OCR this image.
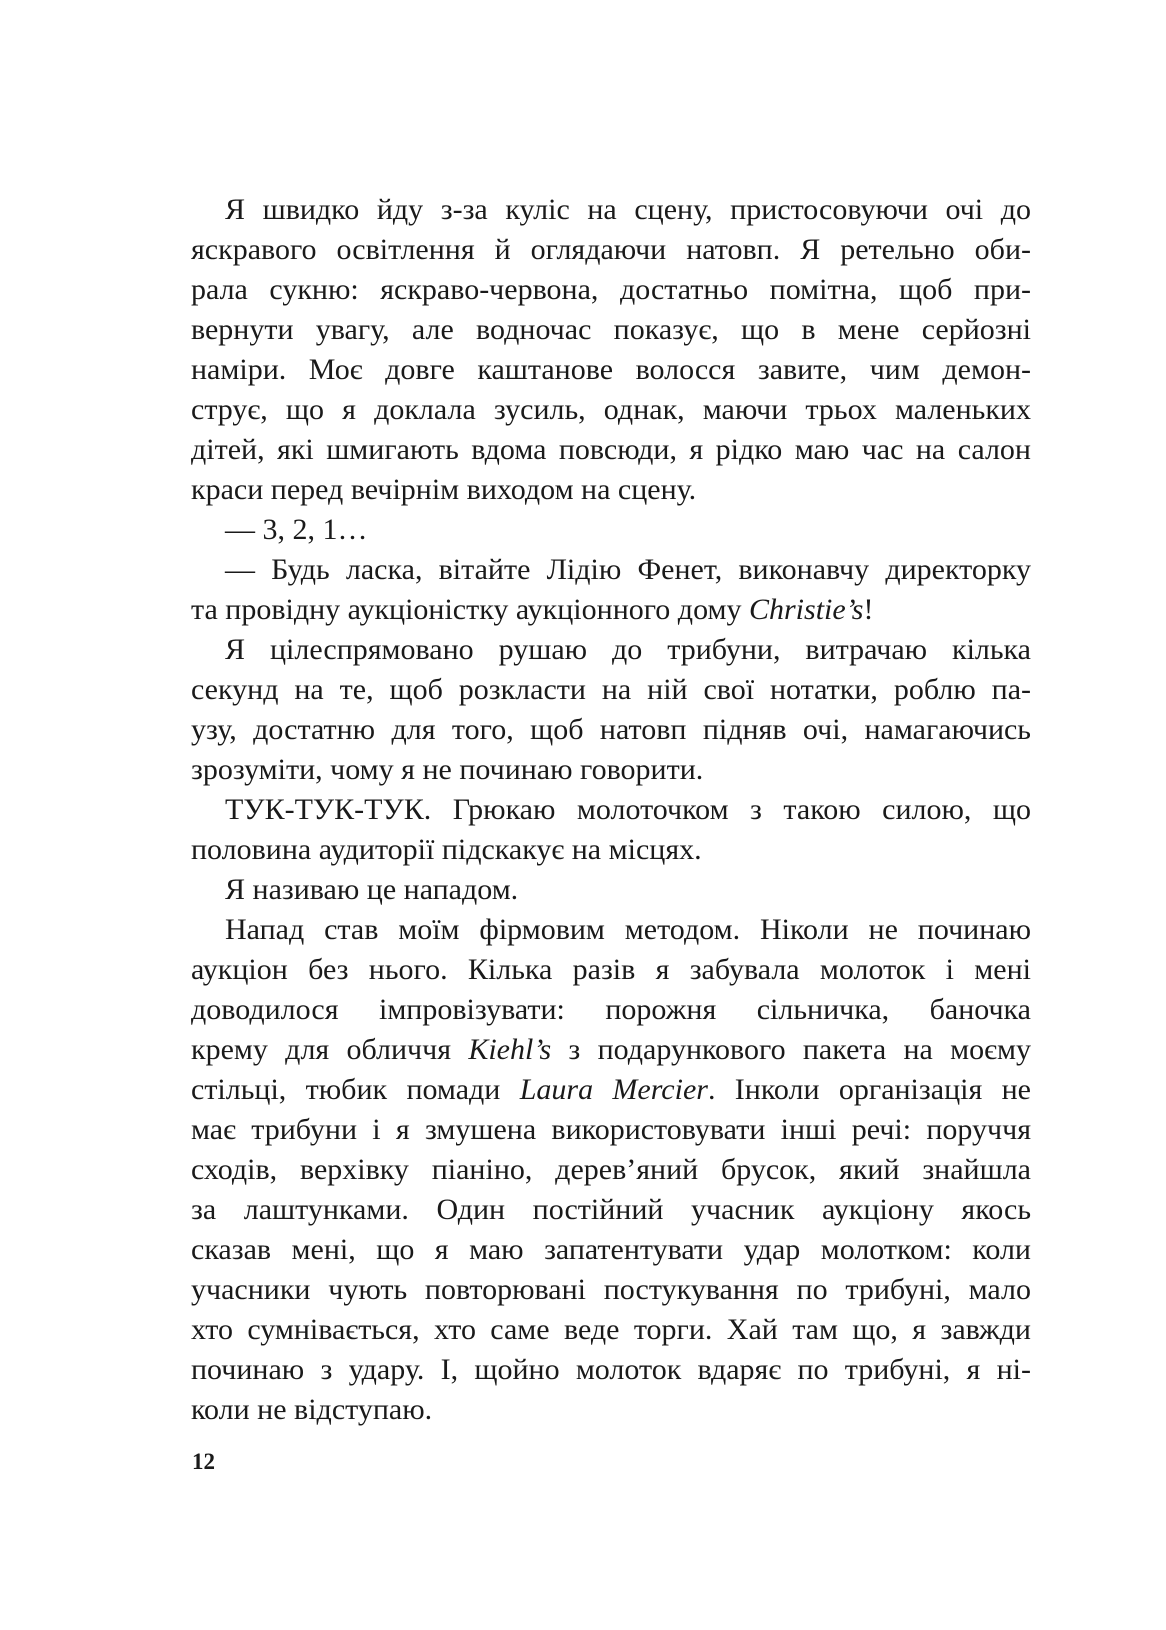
Я швидко йду з-за куліс на сцену, пристосовуючи очі до
яскравого освітлення й оглядаючи натовп. Я ретельно оби-
рала сукню: яскраво-червона, достатньо помітна, щоб при-
вернути увагу, але водночас показує, що в мене серйозні
наміри. Моє довге каштанове волосся завите, чим демон-
струє, що я доклала зусиль, однак, маючи трьох маленьких
дітей, які шмигають вдома повсюди, я рідко маю час на салон
краси перед вечірнім виходом на сцену.
— 3, 2, 1…
— Будь ласка, вітайте Лідію Фенет, виконавчу директорку
та провідну аукціоністку аукціонного дому Christie’s!
Я цілеспрямовано рушаю до трибуни, витрачаю кілька
секунд на те, щоб розкласти на ній свої нотатки, роблю па-
узу, достатню для того, щоб натовп підняв очі, намагаючись
зрозуміти, чому я не починаю говорити.
ТУК-ТУК-ТУК. Грюкаю молоточком з такою силою, що
половина аудиторії підскакує на місцях.
Я називаю це нападом.
Напад став моїм фірмовим методом. Ніколи не починаю
аукціон без нього. Кілька разів я забувала молоток і мені
доводилося імпровізувати: порожня сільничка, баночка
крему для обличчя Kiehl’s з подарункового пакета на моєму
стільці, тюбик помади Laura Mercier. Інколи організація не
має трибуни і я змушена використовувати інші речі: поруччя
сходів, верхівку піаніно, дерев’яний брусок, який знайшла
за лаштунками. Один постійний учасник аукціону якось
сказав мені, що я маю запатентувати удар молотком: коли
учасники чують повторювані постукування по трибуні, мало
хто сумнівається, хто саме веде торги. Хай там що, я завжди
починаю з удару. І, щойно молоток вдаряє по трибуні, я ні-
коли не відступаю.
12
